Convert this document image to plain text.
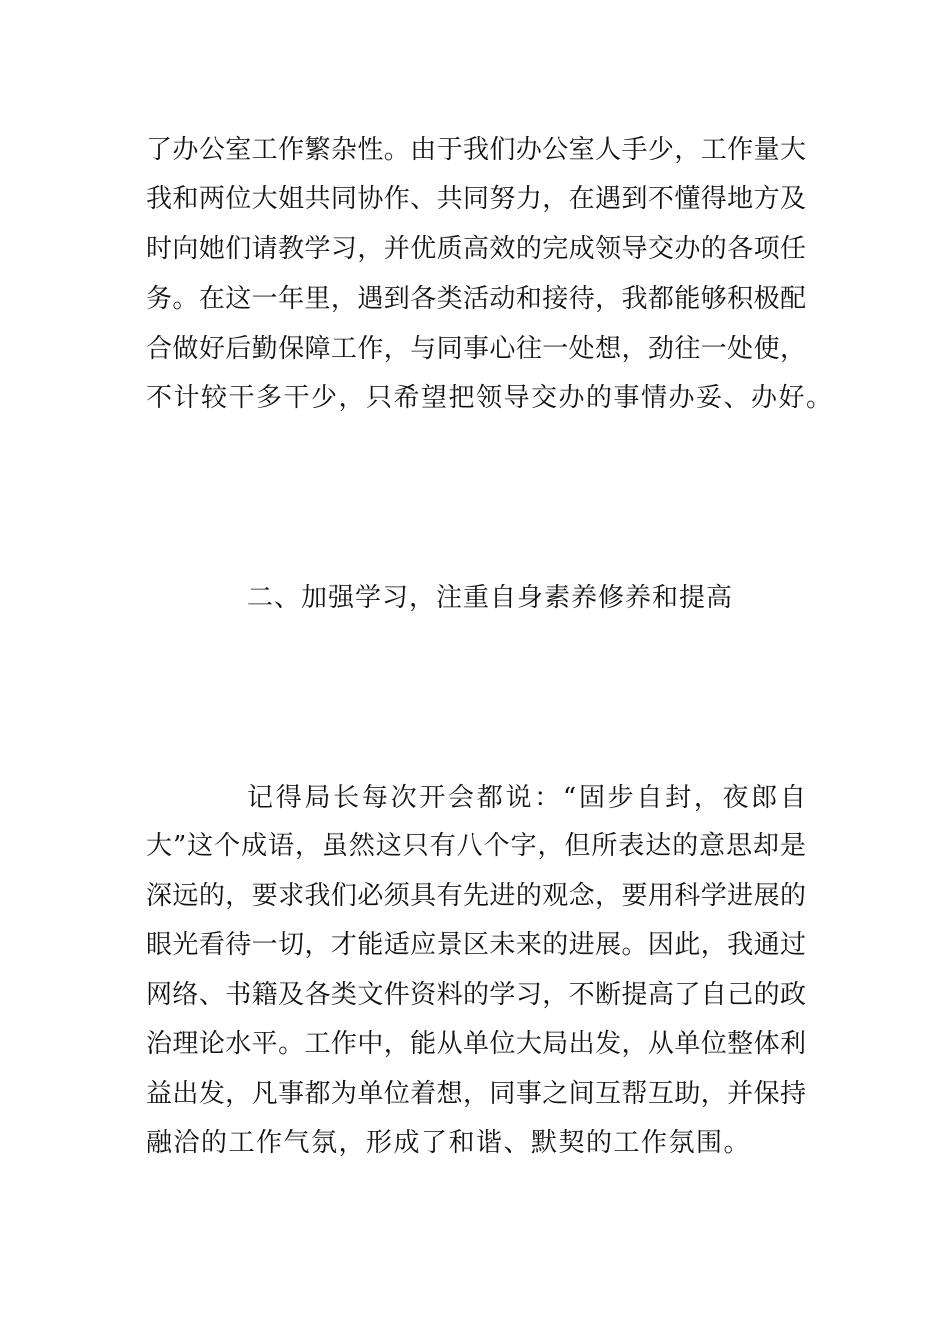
了办公室工作繁杂性。由于我们办公室人手少，工作量大
我和两位大姐共同协作、共同努力，在遇到不懂得地方及
时向她们请教学习，并优质高效的完成领导交办的各项任
务。在这一年里，遇到各类活动和接待，我都能够积极配
合做好后勤保障工作，与同事心往一处想，劲往一处使，
不计较干多干少，只希望把领导交办的事情办妥、办好。
二、加强学习，注重自身素养修养和提高
记得局长每次开会都说：“固步自封，夜郎自
大”这个成语，虽然这只有八个字，但所表达的意思却是
深远的，要求我们必须具有先进的观念，要用科学进展的
眼光看待一切，才能适应景区未来的进展。因此，我通过
网络、书籍及各类文件资料的学习，不断提高了自己的政
治理论水平。工作中，能从单位大局出发，从单位整体利
益出发，凡事都为单位着想，同事之间互帮互助，并保持
融洽的工作气氛，形成了和谐、默契的工作氛围。
